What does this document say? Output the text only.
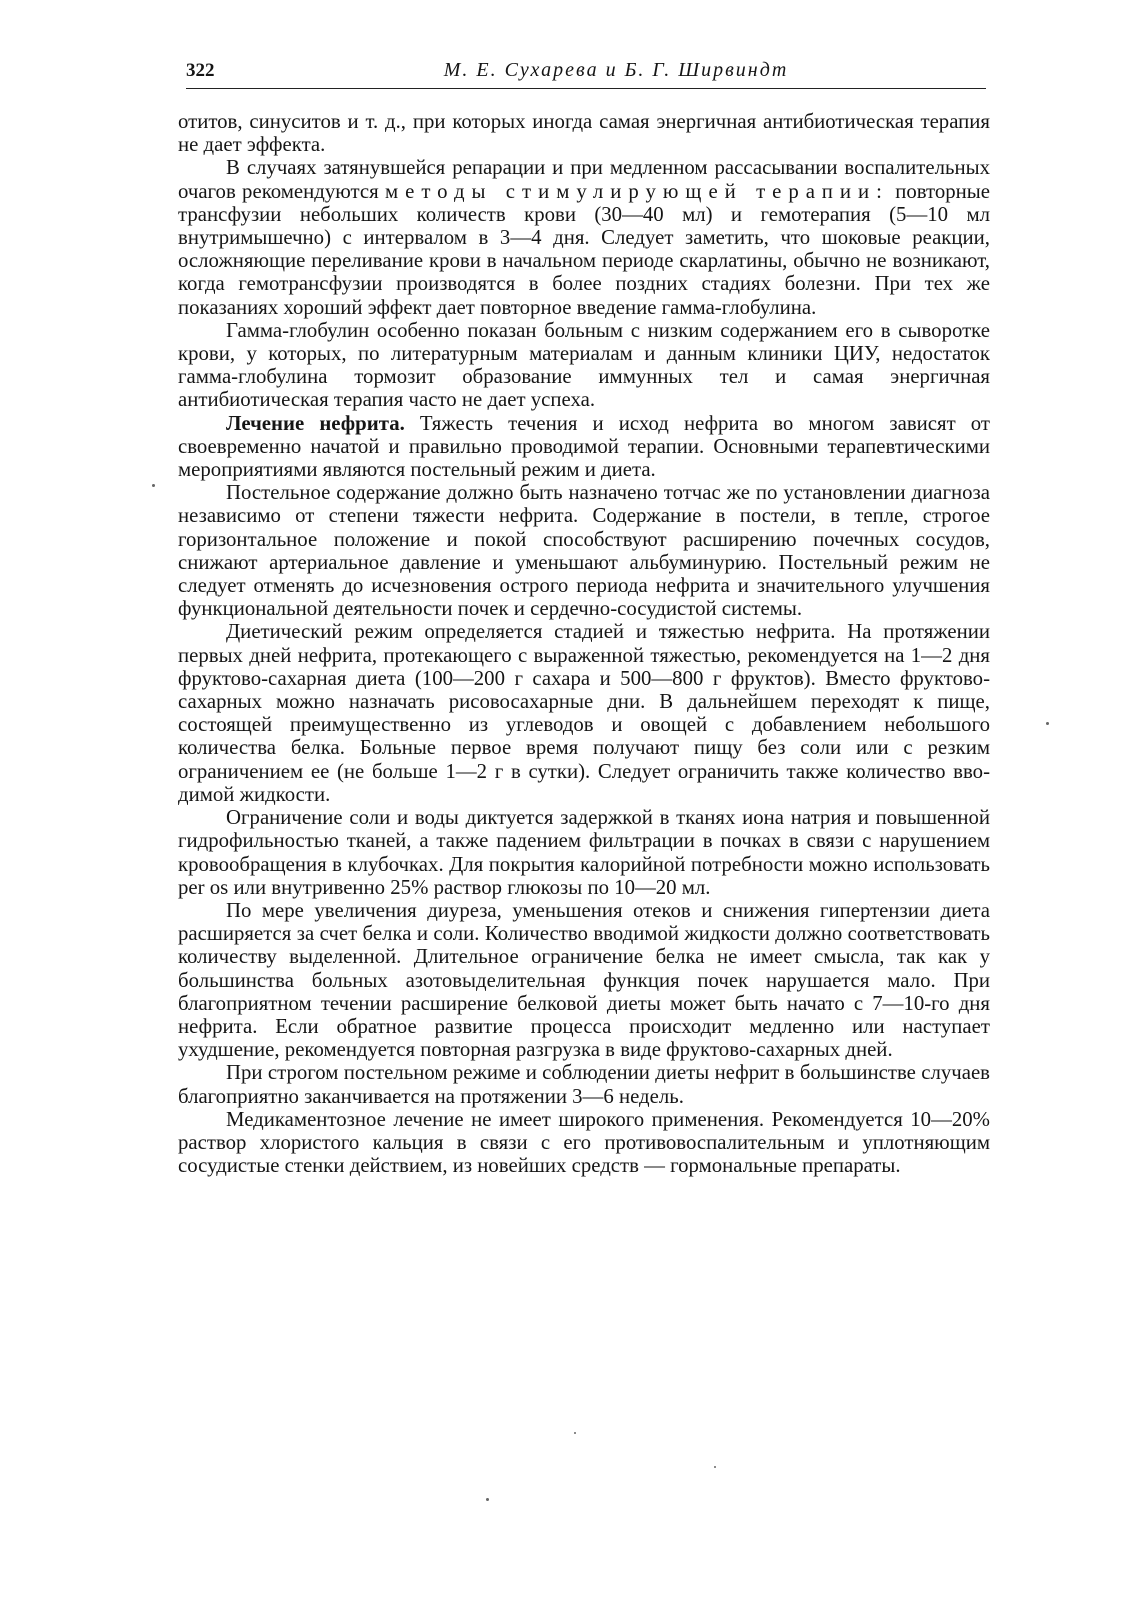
322	М. Е. Сухарева и Б. Г. Ширвиндт

отитов, синуситов и т. д., при которых иногда самая энергичная антибиотическая терапия не дает эффекта.

В случаях затянувшейся репарации и при медленном рассасывании воспалительных очагов рекомендуются методы стимулирующей терапии: повторные трансфузии небольших количеств крови (30—40 мл) и гемотерапия (5—10 мл внутримышечно) с интервалом в 3—4 дня. Следует заметить, что шоковые реакции, осложняющие переливание крови в начальном периоде скарлатины, обычно не возникают, когда гемотрансфузии производятся в более поздних стадиях болезни. При тех же показаниях хороший эффект дает повторное введение гамма-глобулина.

Гамма-глобулин особенно показан больным с низким содержанием его в сыворотке крови, у которых, по литературным материалам и данным клиники ЦИУ, недостаток гамма-глобулина тормозит образование иммунных тел и самая энергичная антибиотическая терапия часто не дает успеха.

Лечение нефрита. Тяжесть течения и исход нефрита во многом зависят от своевременно начатой и правильно проводимой терапии. Основными терапевтическими мероприятиями являются постельный режим и диета.

Постельное содержание должно быть назначено тотчас же по установлении диагноза независимо от степени тяжести нефрита. Содержание в постели, в тепле, строгое горизонтальное положение и покой способствуют расширению почечных сосудов, снижают артериальное давление и уменьшают альбуминурию. Постельный режим не следует отменять до исчезновения острого периода нефрита и значительного улучшения функциональной деятельности почек и сердечно-сосудистой системы.

Диетический режим определяется стадией и тяжестью нефрита. На протяжении первых дней нефрита, протекающего с выраженной тяжестью, рекомендуется на 1—2 дня фруктово-сахарная диета (100—200 г сахара и 500—800 г фруктов). Вместо фруктово-сахарных можно назначать рисовосахарные дни. В дальнейшем переходят к пище, состоящей преимущественно из углеводов и овощей с добавлением небольшого количества белка. Больные первое время получают пищу без соли или с резким ограничением ее (не больше 1—2 г в сутки). Следует ограничить также количество вводимой жидкости.

Ограничение соли и воды диктуется задержкой в тканях иона натрия и повышенной гидрофильностью тканей, а также падением фильтрации в почках в связи с нарушением кровообращения в клубочках. Для покрытия калорийной потребности можно использовать per os или внутривенно 25% раствор глюкозы по 10—20 мл.

По мере увеличения диуреза, уменьшения отеков и снижения гипертензии диета расширяется за счет белка и соли. Количество вводимой жидкости должно соответствовать количеству выделенной. Длительное ограничение белка не имеет смысла, так как у большинства больных азотовыделительная функция почек нарушается мало. При благоприятном течении расширение белковой диеты может быть начато с 7—10-го дня нефрита. Если обратное развитие процесса происходит медленно или наступает ухудшение, рекомендуется повторная разгрузка в виде фруктово-сахарных дней.

При строгом постельном режиме и соблюдении диеты нефрит в большинстве случаев благоприятно заканчивается на протяжении 3—6 недель.

Медикаментозное лечение не имеет широкого применения. Рекомендуется 10—20% раствор хлористого кальция в связи с его противовоспалительным и уплотняющим сосудистые стенки действием, из новейших средств — гормональные препараты.
